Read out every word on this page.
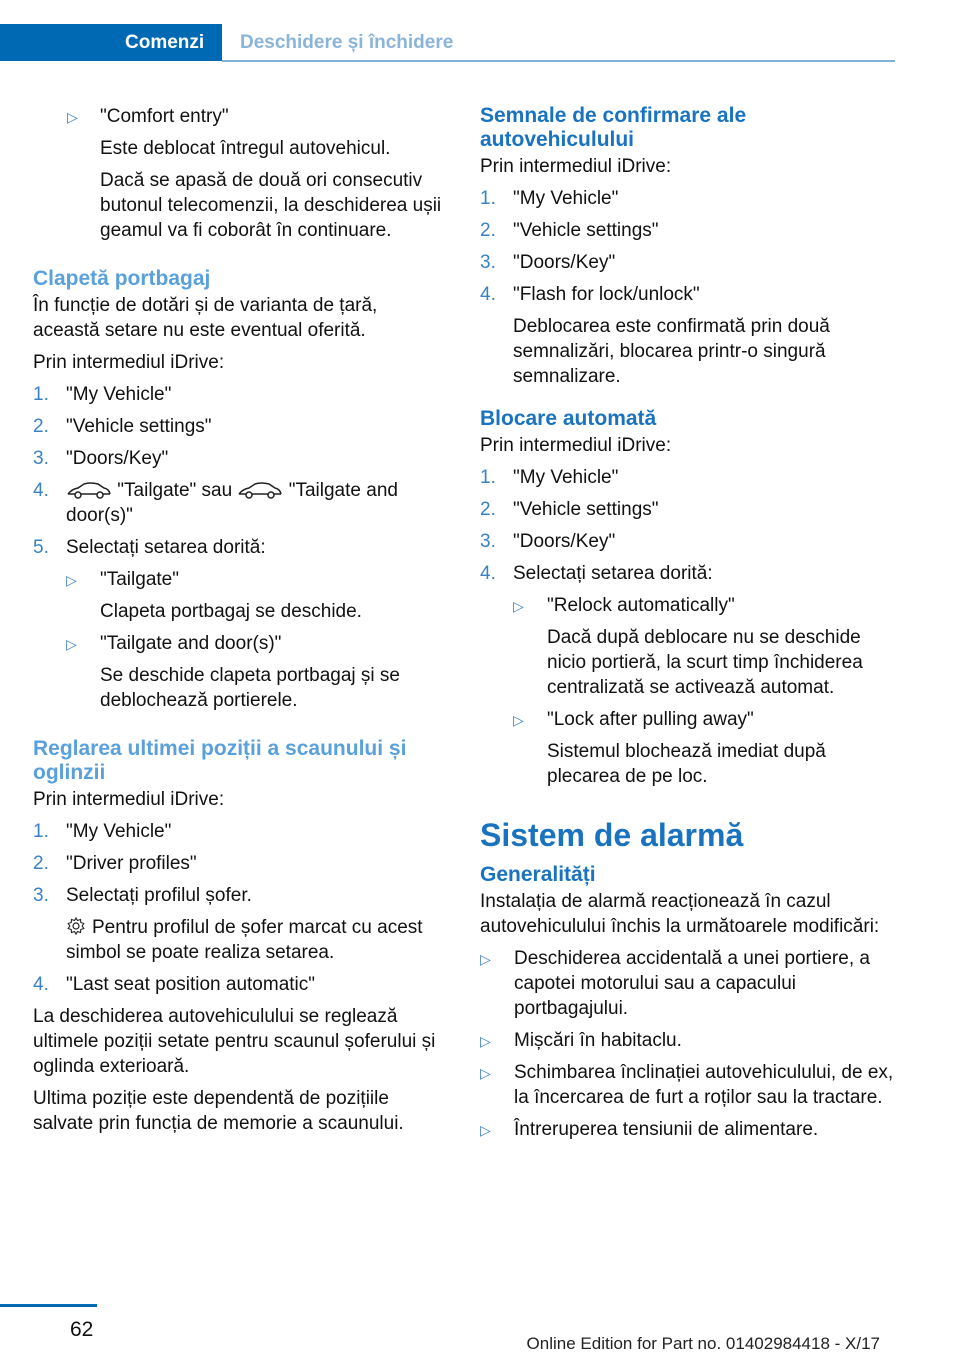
Comenzi	Deschidere și închidere
▷ "Comfort entry"
Este deblocat întregul autovehicul.
Dacă se apasă de două ori consecutiv butonul telecomenzii, la deschiderea ușii geamul va fi coborât în continuare.
Clapetă portbagaj

În funcție de dotări și de varianta de țară, această setare nu este eventual oferită.

Prin intermediul iDrive:

1. "My Vehicle"
2. "Vehicle settings"
3. "Doors/Key"
4.	"Tailgate" sau	"Tailgate and door(s)"
5. Selectați setarea dorită:
▷ "Tailgate"
Clapeta portbagaj se deschide.
▷ "Tailgate and door(s)"
Se deschide clapeta portbagaj și se deblochează portierele.
Reglarea ultimei poziții a scaunului și oglinzii

Prin intermediul iDrive:

1. "My Vehicle"
2. "Driver profiles"
3. Selectați profilul șofer.
Pentru profilul de șofer marcat cu acest simbol se poate realiza setarea.
4. "Last seat position automatic"

La deschiderea autovehiculului se reglează ultimele poziții setate pentru scaunul șoferului și oglinda exterioară.

Ultima poziție este dependentă de pozițiile salvate prin funcția de memorie a scaunului.

Semnale de confirmare ale autovehiculului

Prin intermediul iDrive:

1. "My Vehicle"
2. "Vehicle settings"
3. "Doors/Key"
4. "Flash for lock/unlock"
Deblocarea este confirmată prin două semnalizări, blocarea printr-o singură semnalizare.
Blocare automată

Prin intermediul iDrive:

1. "My Vehicle"
2. "Vehicle settings"
3. "Doors/Key"
4. Selectați setarea dorită:
▷ "Relock automatically"
Dacă după deblocare nu se deschide nicio portieră, la scurt timp închiderea centralizată se activează automat.
▷ "Lock after pulling away"
Sistemul blochează imediat după plecarea de pe loc.
Sistem de alarmă
Generalități

Instalația de alarmă reacționează în cazul autovehiculului închis la următoarele modificări:

▷ Deschiderea accidentală a unei portiere, a capotei motorului sau a capacului portbagajului.
▷ Mișcări în habitaclu.
▷ Schimbarea înclinației autovehiculului, de ex, la încercarea de furt a roților sau la tractare.
▷ Întreruperea tensiunii de alimentare.
62
Online Edition for Part no. 01402984418 - X/17
